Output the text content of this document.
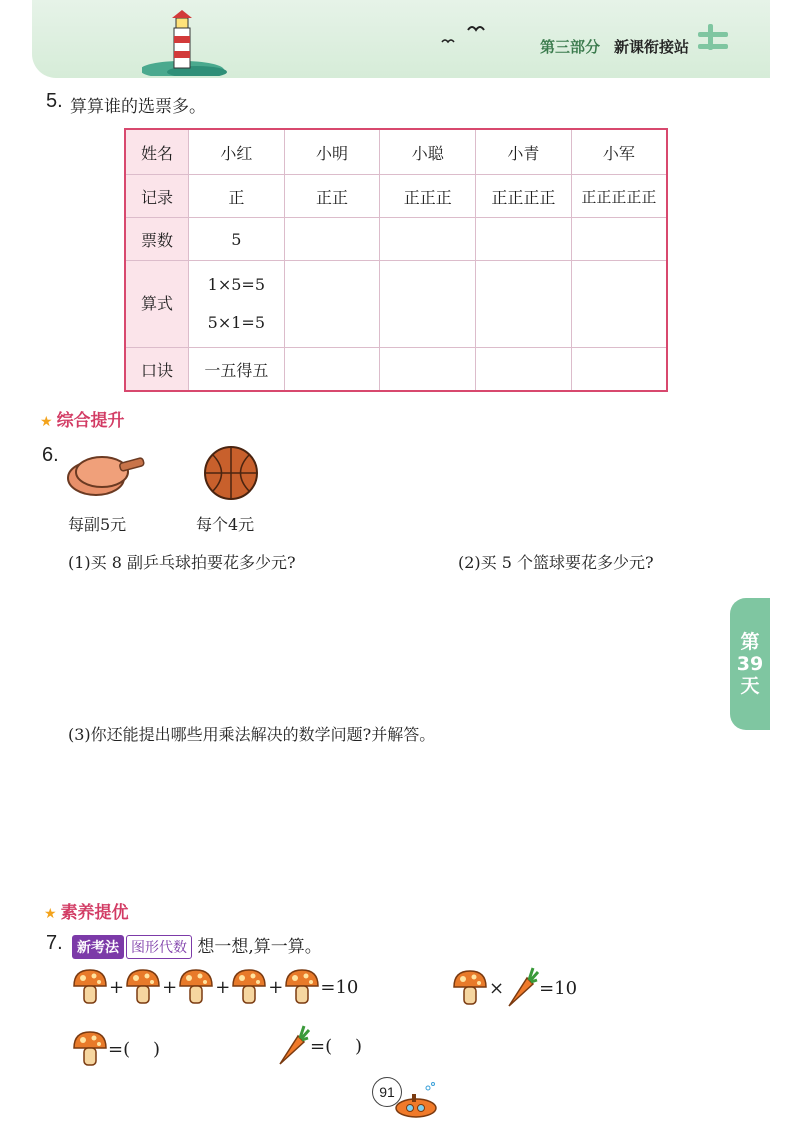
第三部分 新课衔接站
5. 算算谁的选票多。
姓名	小红	小明	小聪	小青	小军
记录	正	正正	正正正	正正正正	正正正正正
票数	5				
算式	1×5=5
5×1=5				

口诀	一五得五				
★ 综合提升
6.
每副5元	每个4元
(1)买 8 副乒乓球拍要花多少元?	(2)买 5 个篮球要花多少元?
(3)你还能提出哪些用乘法解决的数学问题?并解答。
★ 素养提优
7.	新考法 图形代数 想一想,算一算。
+ + + + =10	× =10
=(    )	=(    )
第
39
天
91
